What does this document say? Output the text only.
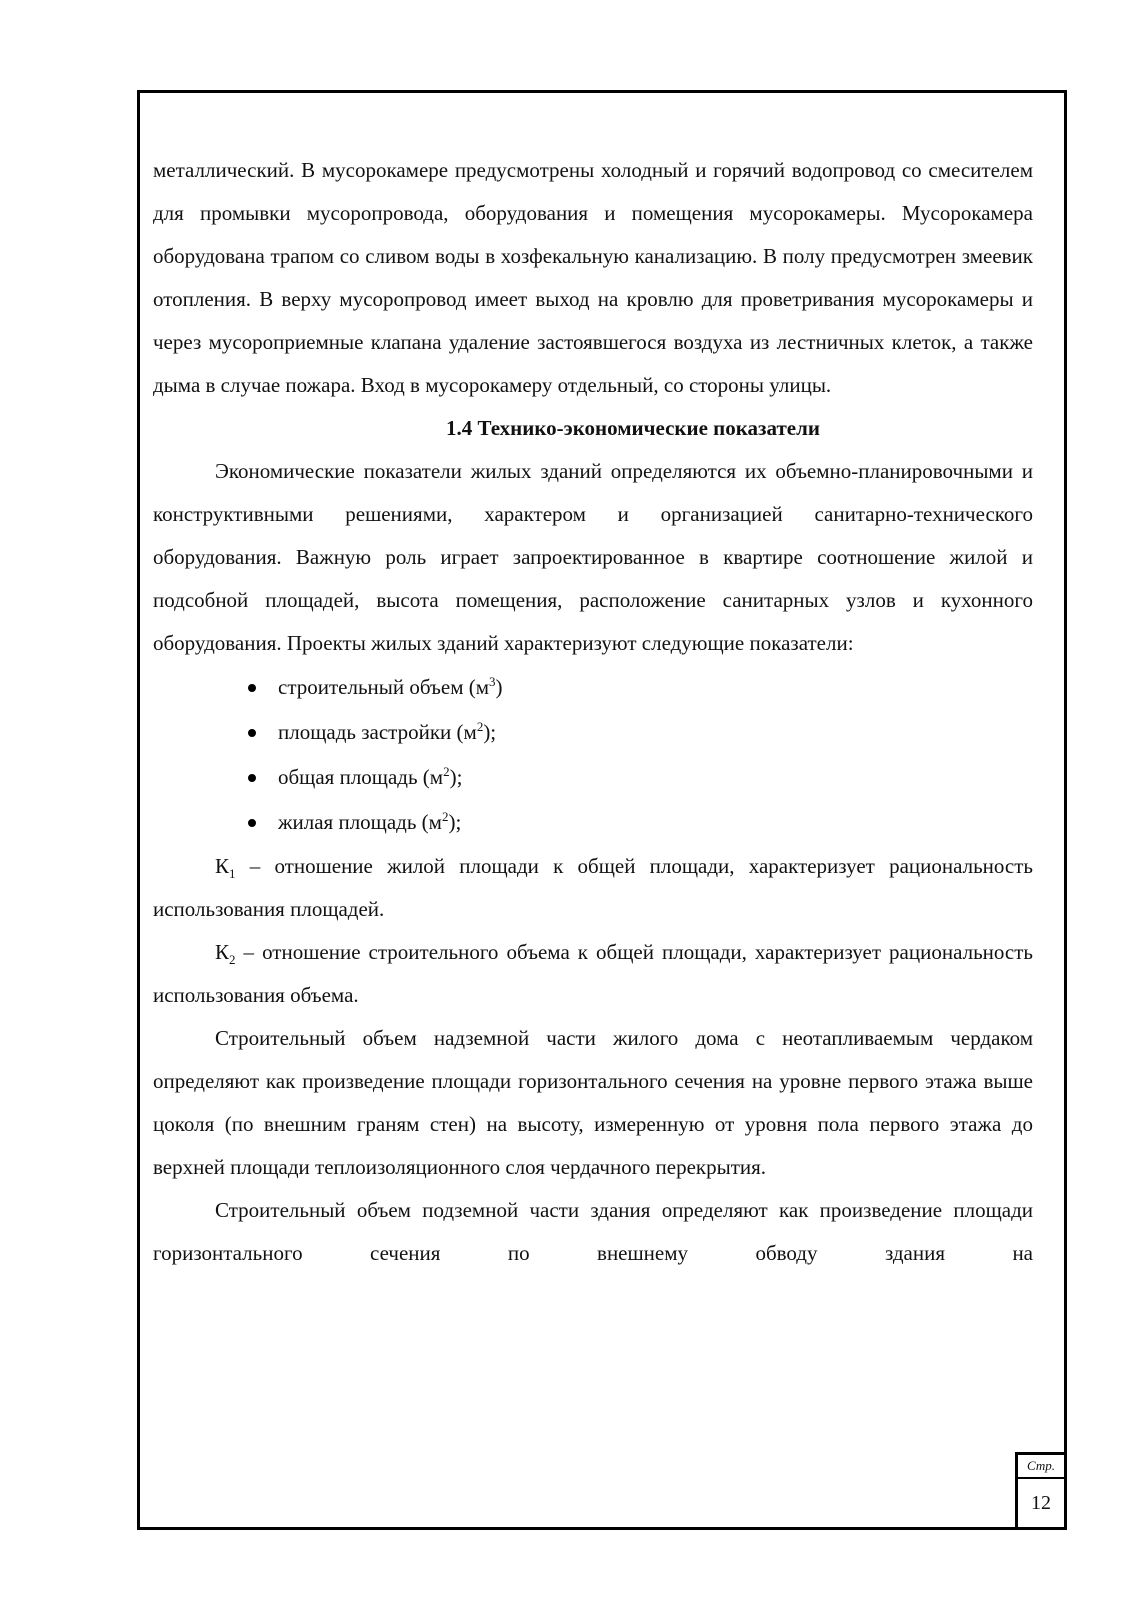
металлический. В мусорокамере предусмотрены холодный и горячий водопровод со смесителем для промывки мусоропровода, оборудования и помещения мусорокамеры. Мусорокамера оборудована трапом со сливом воды в хозфекальную канализацию. В полу предусмотрен змеевик отопления. В верху мусоропровод имеет выход на кровлю для проветривания мусорокамеры и через мусороприемные клапана удаление застоявшегося воздуха из лестничных клеток, а также дыма в случае пожара. Вход в мусорокамеру отдельный, со стороны улицы.

1.4 Технико-экономические показатели

Экономические показатели жилых зданий определяются их объемно-планировочными и конструктивными решениями, характером и организацией санитарно-технического оборудования. Важную роль играет запроектированное в квартире соотношение жилой и подсобной площадей, высота помещения, расположение санитарных узлов и кухонного оборудования. Проекты жилых зданий характеризуют следующие показатели:

строительный объем $(м^3)$
площадь застройки $(м^2)$;
общая площадь $(м^2)$;
жилая площадь $(м^2)$;

$К_1$ – отношение жилой площади к общей площади, характеризует рациональность использования площадей.

$К_2$ – отношение строительного объема к общей площади, характеризует рациональность использования объема.

Строительный объем надземной части жилого дома с неотапливаемым чердаком определяют как произведение площади горизонтального сечения на уровне первого этажа выше цоколя (по внешним граням стен) на высоту, измеренную от уровня пола первого этажа до верхней площади теплоизоляционного слоя чердачного перекрытия.

Строительный объем подземной части здания определяют как произведение площади горизонтального сечения по внешнему обводу здания на

Стр.
12
